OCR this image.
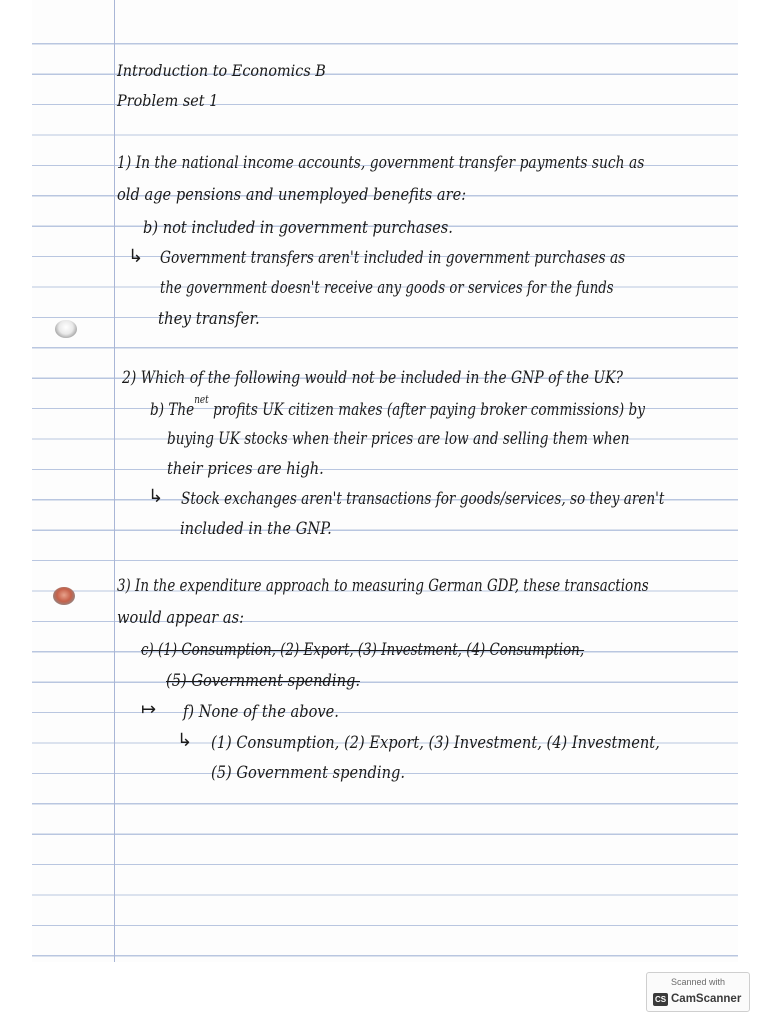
Introduction to Economics B
Problem set 1
1) In the national income accounts, government transfer payments such as
old age pensions and unemployed benefits are:
b) not included in government purchases.
↳ Government transfers aren't included in government purchases as
the government doesn't receive any goods or services for the funds
they transfer.
2) Which of the following would not be included in the GNP of the UK?
b) The$^{net}$ profits UK citizen makes (after paying broker commissions) by
buying UK stocks when their prices are low and selling them when
their prices are high.
↳ Stock exchanges aren't transactions for goods/services, so they aren't
included in the GNP.
3) In the expenditure approach to measuring German GDP, these transactions
would appear as:
c) (1) Consumption, (2) Export, (3) Investment, (4) Consumption,
(5) Government spending.
↦ f) None of the above.
↳ (1) Consumption, (2) Export, (3) Investment, (4) Investment,
(5) Government spending.
Scanned with
CS CamScanner
